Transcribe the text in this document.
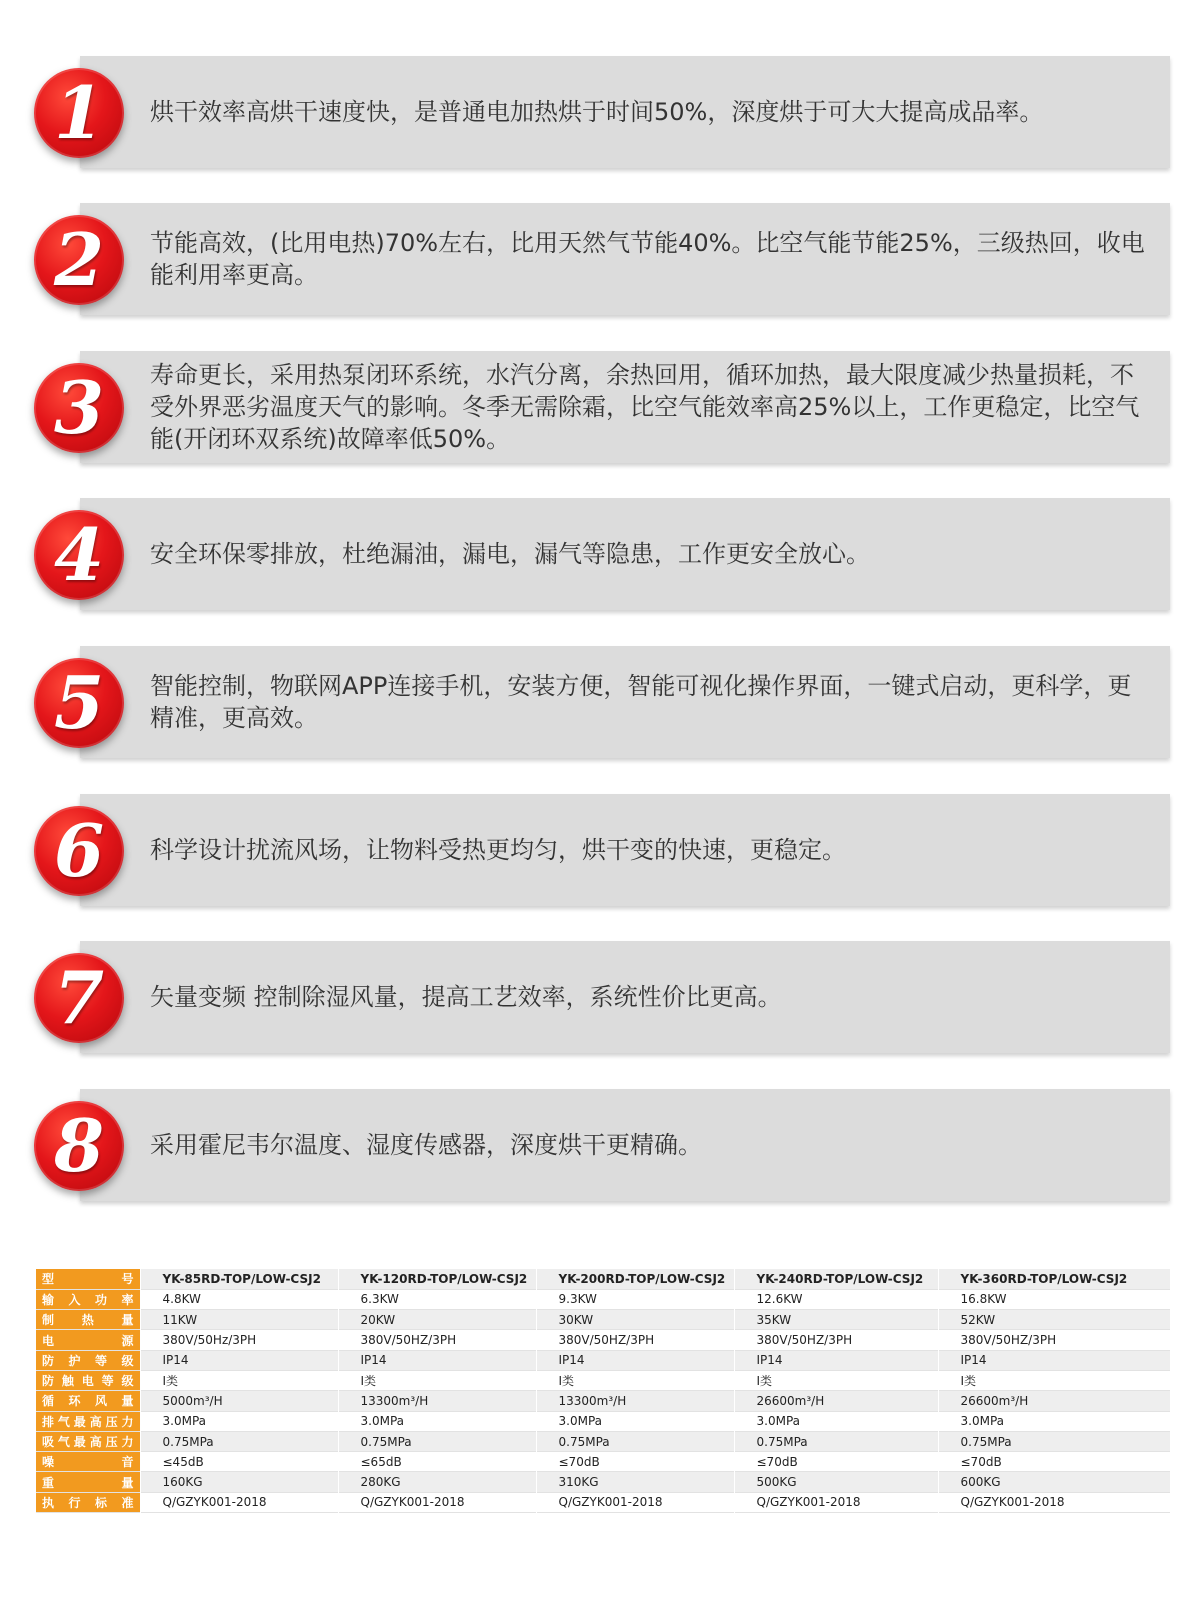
1	烘干效率高烘干速度快，是普通电加热烘于时间50%，深度烘于可大大提高成品率。
2	节能高效，(比用电热)70%左右，比用天然气节能40%。比空气能节能25%，三级热回，收电能利用率更高。
3	寿命更长，采用热泵闭环系统，水汽分离，余热回用，循环加热，最大限度减少热量损耗，不受外界恶劣温度天气的影响。冬季无需除霜，比空气能效率高25%以上，工作更稳定，比空气能(开闭环双系统)故障率低50%。
4	安全环保零排放，杜绝漏油，漏电，漏气等隐患，工作更安全放心。
5	智能控制，物联网APP连接手机，安装方便，智能可视化操作界面，一键式启动，更科学，更精准，更高效。
6	科学设计扰流风场，让物料受热更均匀，烘干变的快速，更稳定。
7	矢量变频 控制除湿风量，提高工艺效率，系统性价比更高。
8	采用霍尼韦尔温度、湿度传感器，深度烘干更精确。
型号	YK-85RD-TOP/LOW-CSJ2	YK-120RD-TOP/LOW-CSJ2	YK-200RD-TOP/LOW-CSJ2	YK-240RD-TOP/LOW-CSJ2	YK-360RD-TOP/LOW-CSJ2
输入功率	4.8KW	6.3KW	9.3KW	12.6KW	16.8KW
制热量	11KW	20KW	30KW	35KW	52KW
电源	380V/50Hz/3PH	380V/50HZ/3PH	380V/50HZ/3PH	380V/50HZ/3PH	380V/50HZ/3PH
防护等级	IP14	IP14	IP14	IP14	IP14
防触电等级	I类	I类	I类	I类	I类
循环风量	5000m³/H	13300m³/H	13300m³/H	26600m³/H	26600m³/H
排气最高压力	3.0MPa	3.0MPa	3.0MPa	3.0MPa	3.0MPa
吸气最高压力	0.75MPa	0.75MPa	0.75MPa	0.75MPa	0.75MPa
噪音	≤45dB	≤65dB	≤70dB	≤70dB	≤70dB
重量	160KG	280KG	310KG	500KG	600KG
执行标准	Q/GZYK001-2018	Q/GZYK001-2018	Q/GZYK001-2018	Q/GZYK001-2018	Q/GZYK001-2018
